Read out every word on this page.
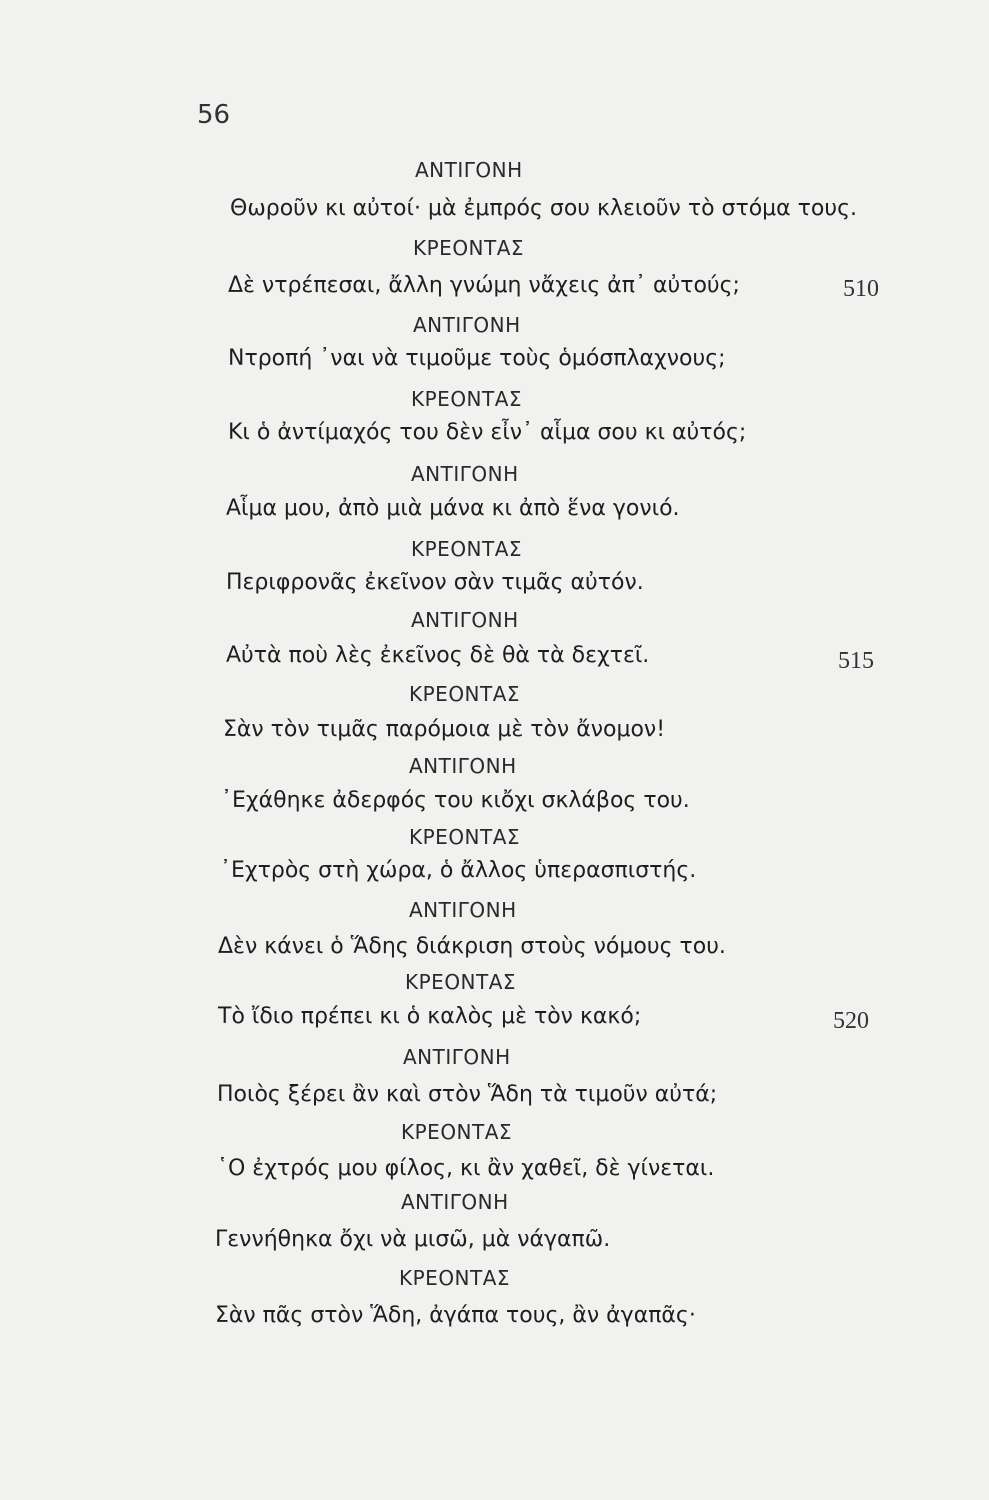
56
ΑΝΤΙΓΟΝΗ
Θωροῦν κι αὐτοί· μὰ ἐμπρός σου κλειοῦν τὸ στόμα τους.
ΚΡΕΟΝΤΑΣ
Δὲ ντρέπεσαι, ἄλλη γνώμη νἄχεις ἀπ᾿ αὐτούς;	510
ΑΝΤΙΓΟΝΗ
Ντροπή ᾿ναι νὰ τιμοῦμε τοὺς ὁμόσπλαχνους;
ΚΡΕΟΝΤΑΣ
Κι ὁ ἀντίμαχός του δὲν εἶν᾿ αἷμα σου κι αὐτός;
ΑΝΤΙΓΟΝΗ
Αἷμα μου, ἀπὸ μιὰ μάνα κι ἀπὸ ἕνα γονιό.
ΚΡΕΟΝΤΑΣ
Περιφρονᾶς ἐκεῖνον σὰν τιμᾶς αὐτόν.
ΑΝΤΙΓΟΝΗ
Αὐτὰ ποὺ λὲς ἐκεῖνος δὲ θὰ τὰ δεχτεῖ.	515
ΚΡΕΟΝΤΑΣ
Σὰν τὸν τιμᾶς παρόμοια μὲ τὸν ἄνομον!
ΑΝΤΙΓΟΝΗ
᾿Εχάθηκε ἀδερφός του κιὄχι σκλάβος του.
ΚΡΕΟΝΤΑΣ
᾿Εχτρὸς στὴ χώρα, ὁ ἄλλος ὑπερασπιστής.
ΑΝΤΙΓΟΝΗ
Δὲν κάνει ὁ Ἅδης διάκριση στοὺς νόμους του.
ΚΡΕΟΝΤΑΣ
Τὸ ἴδιο πρέπει κι ὁ καλὸς μὲ τὸν κακό;	520
ΑΝΤΙΓΟΝΗ
Ποιὸς ξέρει ἂν καὶ στὸν Ἅδη τὰ τιμοῦν αὐτά;
ΚΡΕΟΝΤΑΣ
῾Ο ἐχτρός μου φίλος, κι ἂν χαθεῖ, δὲ γίνεται.
ΑΝΤΙΓΟΝΗ
Γεννήθηκα ὄχι νὰ μισῶ, μὰ νάγαπῶ.
ΚΡΕΟΝΤΑΣ
Σὰν πᾶς στὸν Ἅδη, ἀγάπα τους, ἂν ἀγαπᾶς·
